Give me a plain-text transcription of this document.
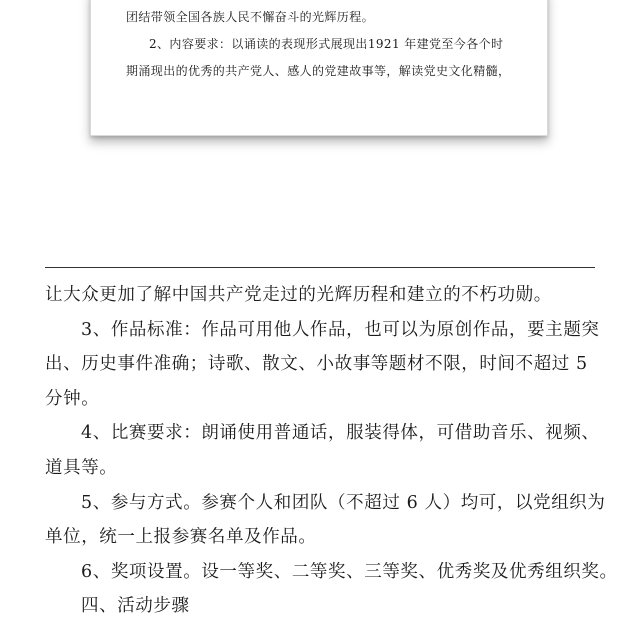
团结带领全国各族人民不懈奋斗的光辉历程。
2、内容要求：以诵读的表现形式展现出1921 年建党至今各个时
期涌现出的优秀的共产党人、感人的党建故事等，解读党史文化精髓，
让大众更加了解中国共产党走过的光辉历程和建立的不朽功勋。
3、作品标准：作品可用他人作品，也可以为原创作品，要主题突
出、历史事件准确；诗歌、散文、小故事等题材不限，时间不超过 5
分钟。
4、比赛要求：朗诵使用普通话，服装得体，可借助音乐、视频、
道具等。
5、参与方式。参赛个人和团队（不超过 6 人）均可，以党组织为
单位，统一上报参赛名单及作品。
6、奖项设置。设一等奖、二等奖、三等奖、优秀奖及优秀组织奖。
四、活动步骤
